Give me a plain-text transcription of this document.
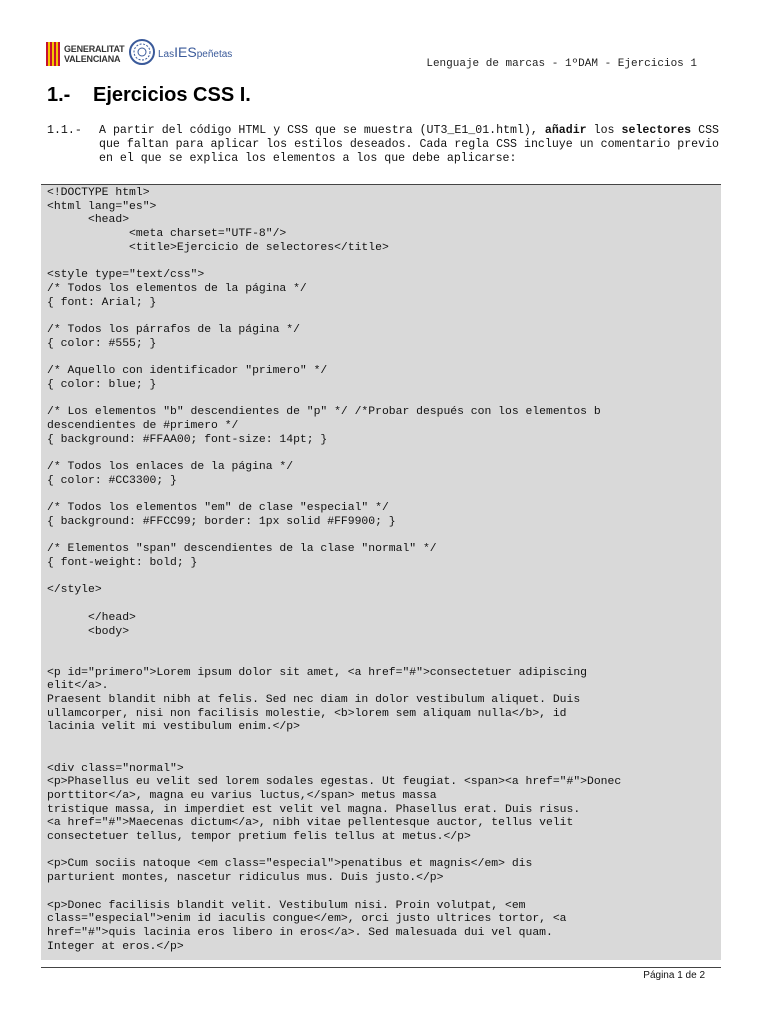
GENERALITAT
VALENCIANA	LasIESpeñetas
Lenguaje de marcas - 1ºDAM - Ejercicios 1
1.- Ejercicios CSS I.
1.1.- A partir del código HTML y CSS que se muestra (UT3_E1_01.html), añadir los selectores CSS que faltan para aplicar los estilos deseados. Cada regla CSS incluye un comentario previo en el que se explica los elementos a los que debe aplicarse:
<!DOCTYPE html>
<html lang="es">
<head>
<meta charset="UTF-8"/>
<title>Ejercicio de selectores</title>

<style type="text/css">
/* Todos los elementos de la página */
{ font: Arial; }

/* Todos los párrafos de la página */
{ color: #555; }

/* Aquello con identificador "primero" */
{ color: blue; }

/* Los elementos "b" descendientes de "p" */ /*Probar después con los elementos b
descendientes de #primero */
{ background: #FFAA00; font-size: 14pt; }

/* Todos los enlaces de la página */
{ color: #CC3300; }

/* Todos los elementos "em" de clase "especial" */
{ background: #FFCC99; border: 1px solid #FF9900; }

/* Elementos "span" descendientes de la clase "normal" */
{ font-weight: bold; }

</style>

</head>
<body>

<p id="primero">Lorem ipsum dolor sit amet, <a href="#">consectetuer adipiscing
elit</a>.
Praesent blandit nibh at felis. Sed nec diam in dolor vestibulum aliquet. Duis
ullamcorper, nisi non facilisis molestie, <b>lorem sem aliquam nulla</b>, id
lacinia velit mi vestibulum enim.</p>

<div class="normal">
<p>Phasellus eu velit sed lorem sodales egestas. Ut feugiat. <span><a href="#">Donec
porttitor</a>, magna eu varius luctus,</span> metus massa
tristique massa, in imperdiet est velit vel magna. Phasellus erat. Duis risus.
<a href="#">Maecenas dictum</a>, nibh vitae pellentesque auctor, tellus velit
consectetuer tellus, tempor pretium felis tellus at metus.</p>

<p>Cum sociis natoque <em class="especial">penatibus et magnis</em> dis
parturient montes, nascetur ridiculus mus. Duis justo.</p>

<p>Donec facilisis blandit velit. Vestibulum nisi. Proin volutpat, <em
class="especial">enim id iaculis congue</em>, orci justo ultrices tortor, <a
href="#">quis lacinia eros libero in eros</a>. Sed malesuada dui vel quam.
Integer at eros.</p>
Página 1 de 2
